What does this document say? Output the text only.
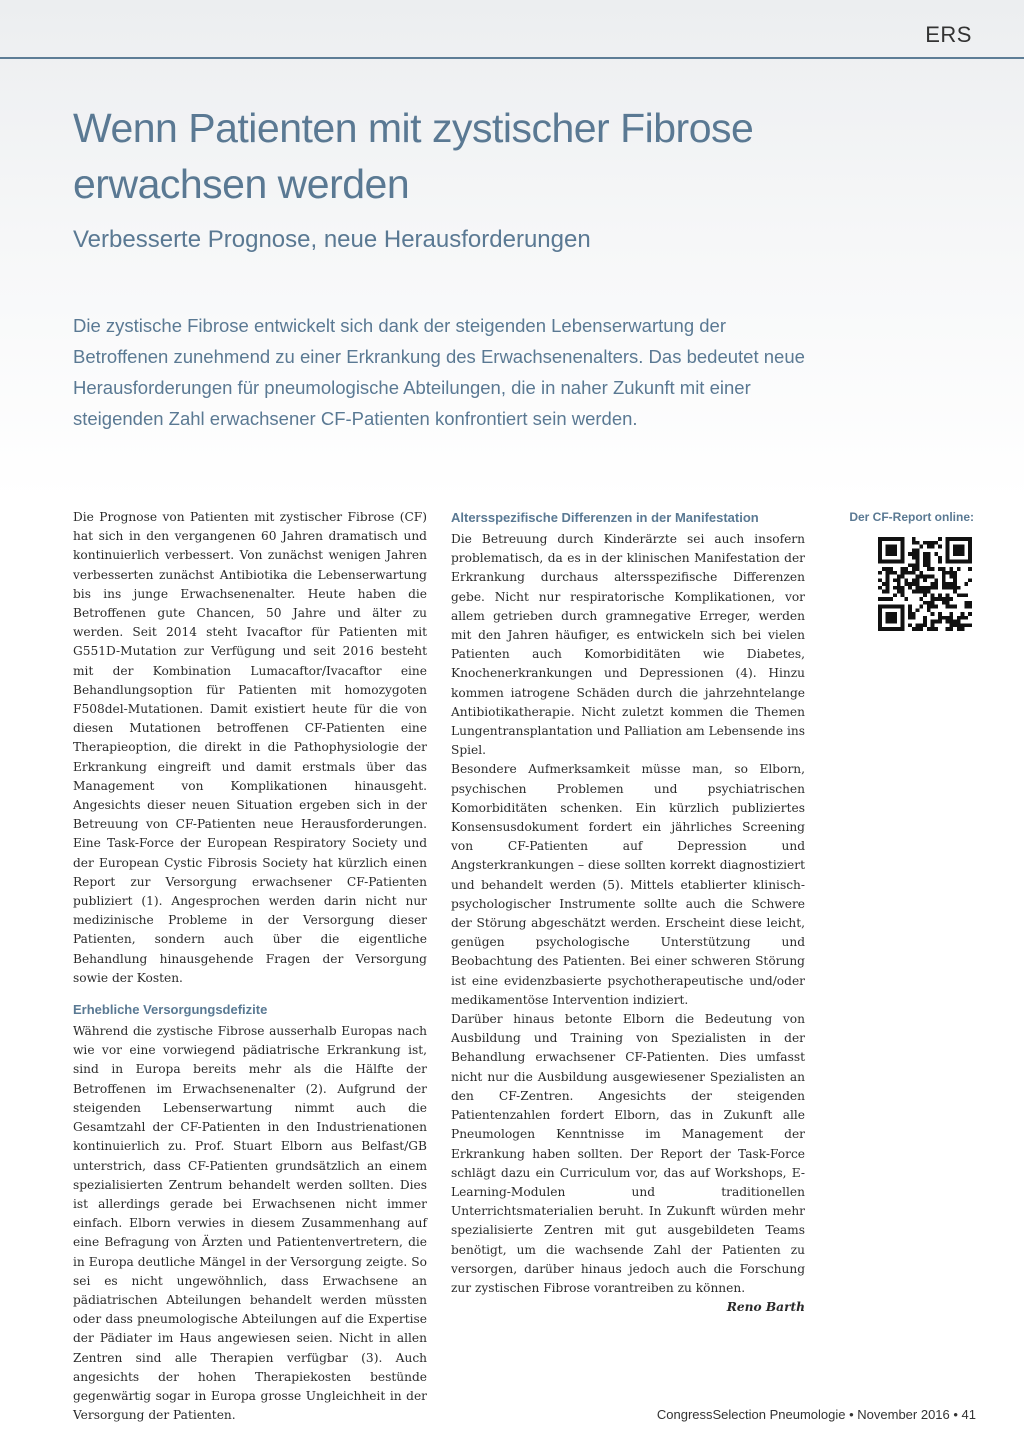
ERS
Wenn Patienten mit zystischer Fibrose erwachsen werden
Verbesserte Prognose, neue Herausforderungen

Die zystische Fibrose entwickelt sich dank der steigenden Lebenserwartung der Betroffenen zunehmend zu einer Erkrankung des Erwachsenenalters. Das bedeutet neue Herausforderungen für pneumologische Abteilungen, die in naher Zukunft mit einer steigenden Zahl erwachsener CF-Patienten konfrontiert sein werden.

Die Prognose von Patienten mit zystischer Fibrose (CF) hat sich in den vergangenen 60 Jahren dramatisch und kontinuierlich verbessert. Von zunächst wenigen Jahren verbesserten zunächst Antibiotika die Lebenserwartung bis ins junge Erwachsenenalter. Heute haben die Betroffenen gute Chancen, 50 Jahre und älter zu werden. Seit 2014 steht Ivacaftor für Patienten mit G551D-Mutation zur Verfügung und seit 2016 besteht mit der Kombination Lumacaftor/Ivacaftor eine Behandlungsoption für Patienten mit homozygoten F508del-Mutationen. Damit existiert heute für die von diesen Mutationen betroffenen CF-Patienten eine Therapieoption, die direkt in die Pathophysiologie der Erkrankung eingreift und damit erstmals über das Management von Komplikationen hinausgeht. Angesichts dieser neuen Situation ergeben sich in der Betreuung von CF-Patienten neue Herausforderungen. Eine Task-Force der European Respiratory Society und der European Cystic Fibrosis Society hat kürzlich einen Report zur Versorgung erwachsener CF-Patienten publiziert (1). Angesprochen werden darin nicht nur medizinische Probleme in der Versorgung dieser Patienten, sondern auch über die eigentliche Behandlung hinausgehende Fragen der Versorgung sowie der Kosten.

Erhebliche Versorgungsdefizite

Während die zystische Fibrose ausserhalb Europas nach wie vor eine vorwiegend pädiatrische Erkrankung ist, sind in Europa bereits mehr als die Hälfte der Betroffenen im Erwachsenenalter (2). Aufgrund der steigenden Lebenserwartung nimmt auch die Gesamtzahl der CF-Patienten in den Industrienationen kontinuierlich zu. Prof. Stuart Elborn aus Belfast/GB unterstrich, dass CF-Patienten grundsätzlich an einem spezialisierten Zentrum behandelt werden sollten. Dies ist allerdings gerade bei Erwachsenen nicht immer einfach. Elborn verwies in diesem Zusammenhang auf eine Befragung von Ärzten und Patientenvertretern, die in Europa deutliche Mängel in der Versorgung zeigte. So sei es nicht ungewöhnlich, dass Erwachsene an pädiatrischen Abteilungen behandelt werden müssten oder dass pneumologische Abteilungen auf die Expertise der Pädiater im Haus angewiesen seien. Nicht in allen Zentren sind alle Therapien verfügbar (3). Auch angesichts der hohen Therapiekosten bestünde gegenwärtig sogar in Europa grosse Ungleichheit in der Versorgung der Patienten.

Altersspezifische Differenzen in der Manifestation

Die Betreuung durch Kinderärzte sei auch insofern problematisch, da es in der klinischen Manifestation der Erkrankung durchaus altersspezifische Differenzen gebe. Nicht nur respiratorische Komplikationen, vor allem getrieben durch gramnegative Erreger, werden mit den Jahren häufiger, es entwickeln sich bei vielen Patienten auch Komorbiditäten wie Diabetes, Knochenerkrankungen und Depressionen (4). Hinzu kommen iatrogene Schäden durch die jahrzehntelange Antibiotikatherapie. Nicht zuletzt kommen die Themen Lungentransplantation und Palliation am Lebensende ins Spiel.

Besondere Aufmerksamkeit müsse man, so Elborn, psychischen Problemen und psychiatrischen Komorbiditäten schenken. Ein kürzlich publiziertes Konsensusdokument fordert ein jährliches Screening von CF-Patienten auf Depression und Angsterkrankungen – diese sollten korrekt diagnostiziert und behandelt werden (5). Mittels etablierter klinisch-psychologischer Instrumente sollte auch die Schwere der Störung abgeschätzt werden. Erscheint diese leicht, genügen psychologische Unterstützung und Beobachtung des Patienten. Bei einer schweren Störung ist eine evidenzbasierte psychotherapeutische und/oder medikamentöse Intervention indiziert.

Darüber hinaus betonte Elborn die Bedeutung von Ausbildung und Training von Spezialisten in der Behandlung erwachsener CF-Patienten. Dies umfasst nicht nur die Ausbildung ausgewiesener Spezialisten an den CF-Zentren. Angesichts der steigenden Patientenzahlen fordert Elborn, das in Zukunft alle Pneumologen Kenntnisse im Management der Erkrankung haben sollten. Der Report der Task-Force schlägt dazu ein Curriculum vor, das auf Workshops, E-Learning-Modulen und traditionellen Unterrichtsmaterialien beruht. In Zukunft würden mehr spezialisierte Zentren mit gut ausgebildeten Teams benötigt, um die wachsende Zahl der Patienten zu versorgen, darüber hinaus jedoch auch die Forschung zur zystischen Fibrose vorantreiben zu können.

Reno Barth

Der CF-Report online:
CongressSelection Pneumologie • November 2016 • 41
